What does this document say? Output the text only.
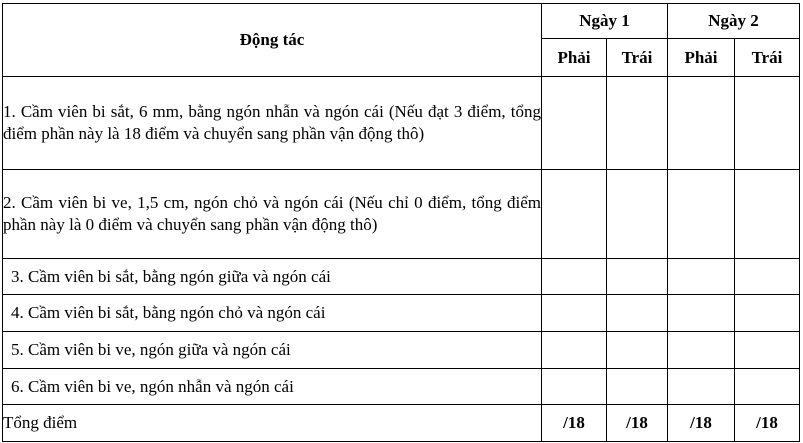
Động tác	Ngày 1		Ngày 2	
	Phải	Trái	Phải	Trái
1. Cầm viên bi sắt, 6 mm, bằng ngón nhẫn và ngón cái (Nếu đạt 3 điểm, tổng điểm phần này là 18 điểm và chuyển sang phần vận động thô)				
2. Cầm viên bi ve, 1,5 cm, ngón chỏ và ngón cái (Nếu chỉ 0 điểm, tổng điểm phần này là 0 điểm và chuyển sang phần vận động thô)				
3. Cầm viên bi sắt, bằng ngón giữa và ngón cái				
4. Cầm viên bi sắt, bằng ngón chỏ và ngón cái				
5. Cầm viên bi ve, ngón giữa và ngón cái				
6. Cầm viên bi ve, ngón nhẫn và ngón cái				
Tổng điểm	/18	/18	/18	/18
